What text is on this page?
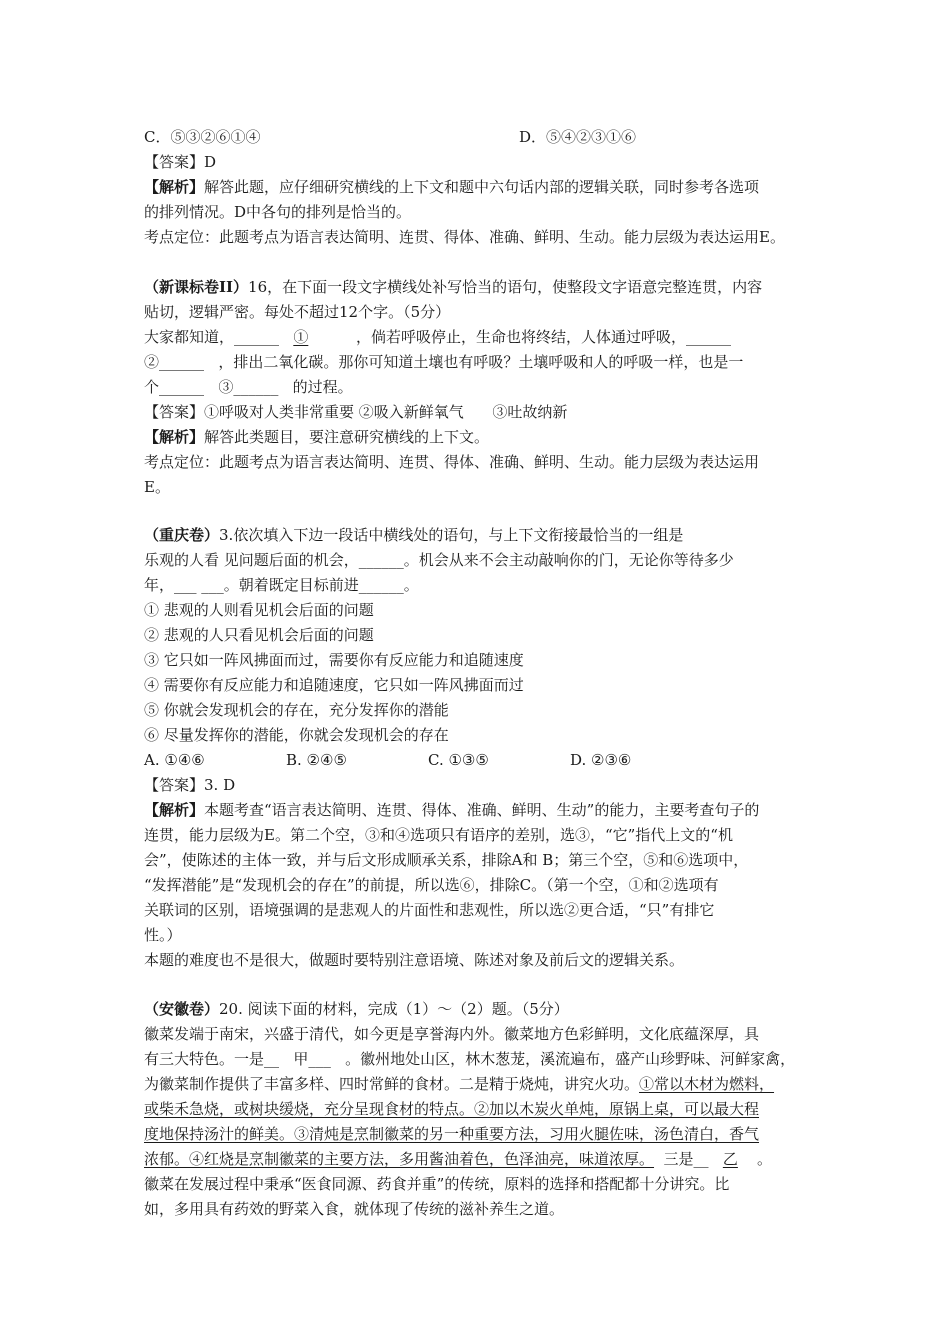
C．⑤③②⑥①④	D．⑤④②③①⑥
【答案】D
【解析】解答此题，应仔细研究横线的上下文和题中六句话内部的逻辑关联，同时参考各选项
的排列情况。D中各句的排列是恰当的。
考点定位：此题考点为语言表达简明、连贯、得体、准确、鲜明、生动。能力层级为表达运用E。
（新课标卷II）16，在下面一段文字横线处补写恰当的语句，使整段文字语意完整连贯，内容
贴切，逻辑严密。每处不超过12个字。（5分）
大家都知道，______   ①          ，倘若呼吸停止，生命也将终结，人体通过呼吸，______
②______   ，排出二氧化碳。那你可知道土壤也有呼吸？土壤呼吸和人的呼吸一样，也是一
个______   ③______   的过程。
【答案】①呼吸对人类非常重要 ②吸入新鲜氧气      ③吐故纳新
【解析】解答此类题目，要注意研究横线的上下文。
考点定位：此题考点为语言表达简明、连贯、得体、准确、鲜明、生动。能力层级为表达运用
E。
（重庆卷）3.依次填入下边一段话中横线处的语句，与上下文衔接最恰当的一组是
乐观的人看 见问题后面的机会，______。机会从来不会主动敲响你的门，无论你等待多少
年，___ ___。朝着既定目标前进______。
① 悲观的人则看见机会后面的问题
② 悲观的人只看见机会后面的问题
③ 它只如一阵风拂面而过，需要你有反应能力和追随速度
④ 需要你有反应能力和追随速度，它只如一阵风拂面而过
⑤ 你就会发现机会的存在，充分发挥你的潜能
⑥ 尽量发挥你的潜能，你就会发现机会的存在
A. ①④⑥	B. ②④⑤	C. ①③⑤	D. ②③⑥
【答案】3. D
【解析】本题考查“语言表达简明、连贯、得体、准确、鲜明、生动”的能力，主要考查句子的
连贯，能力层级为E。第二个空，③和④选项只有语序的差别，选③，“它”指代上文的“机
会”，使陈述的主体一致，并与后文形成顺承关系，排除A和 B；第三个空，⑤和⑥选项中，
“发挥潜能”是“发现机会的存在”的前提，所以选⑥，排除C。（第一个空，①和②选项有
关联词的区别，语境强调的是悲观人的片面性和悲观性，所以选②更合适，“只”有排它
性。）
本题的难度也不是很大，做题时要特别注意语境、陈述对象及前后文的逻辑关系。
（安徽卷）20. 阅读下面的材料，完成（1）～（2）题。（5分）
徽菜发端于南宋，兴盛于清代，如今更是享誉海内外。徽菜地方色彩鲜明，文化底蕴深厚，具
有三大特色。一是__   甲___   。徽州地处山区，林木葱茏，溪流遍布，盛产山珍野味、河鲜家禽，
为徽菜制作提供了丰富多样、四时常鲜的食材。二是精于烧炖，讲究火功。①常以木材为燃料，
或柴禾急烧，或树块缓烧，充分呈现食材的特点。②加以木炭火单炖，原锅上桌，可以最大程
度地保持汤汁的鲜美。③清炖是烹制徽菜的另一种重要方法，习用火腿佐味，汤色清白，香气
浓郁。④红烧是烹制徽菜的主要方法，多用酱油着色，色泽油亮，味道浓厚。  三是__   乙    。
徽菜在发展过程中秉承“医食同源、药食并重”的传统，原料的选择和搭配都十分讲究。比
如，多用具有药效的野菜入食，就体现了传统的滋补养生之道。
